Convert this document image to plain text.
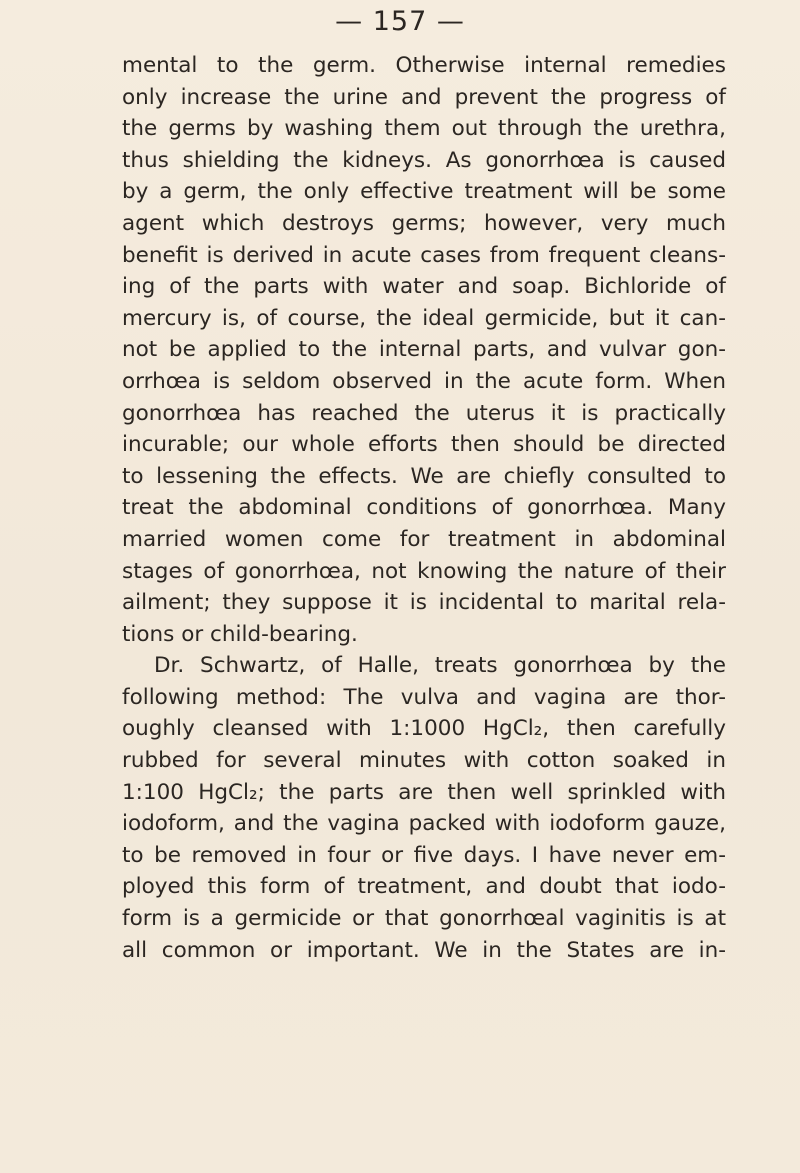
— 157 —
mental to the germ. Otherwise internal remedies
only increase the urine and prevent the progress of
the germs by washing them out through the urethra,
thus shielding the kidneys. As gonorrhœa is caused
by a germ, the only effective treatment will be some
agent which destroys germs; however, very much
benefit is derived in acute cases from frequent cleans-
ing of the parts with water and soap. Bichloride of
mercury is, of course, the ideal germicide, but it can-
not be applied to the internal parts, and vulvar gon-
orrhœa is seldom observed in the acute form. When
gonorrhœa has reached the uterus it is practically
incurable; our whole efforts then should be directed
to lessening the effects. We are chiefly consulted to
treat the abdominal conditions of gonorrhœa. Many
married women come for treatment in abdominal
stages of gonorrhœa, not knowing the nature of their
ailment; they suppose it is incidental to marital rela-
tions or child-bearing.
Dr. Schwartz, of Halle, treats gonorrhœa by the
following method: The vulva and vagina are thor-
oughly cleansed with 1:1000 HgCl₂, then carefully
rubbed for several minutes with cotton soaked in
1:100 HgCl₂; the parts are then well sprinkled with
iodoform, and the vagina packed with iodoform gauze,
to be removed in four or five days. I have never em-
ployed this form of treatment, and doubt that iodo-
form is a germicide or that gonorrhœal vaginitis is at
all common or important. We in the States are in-
